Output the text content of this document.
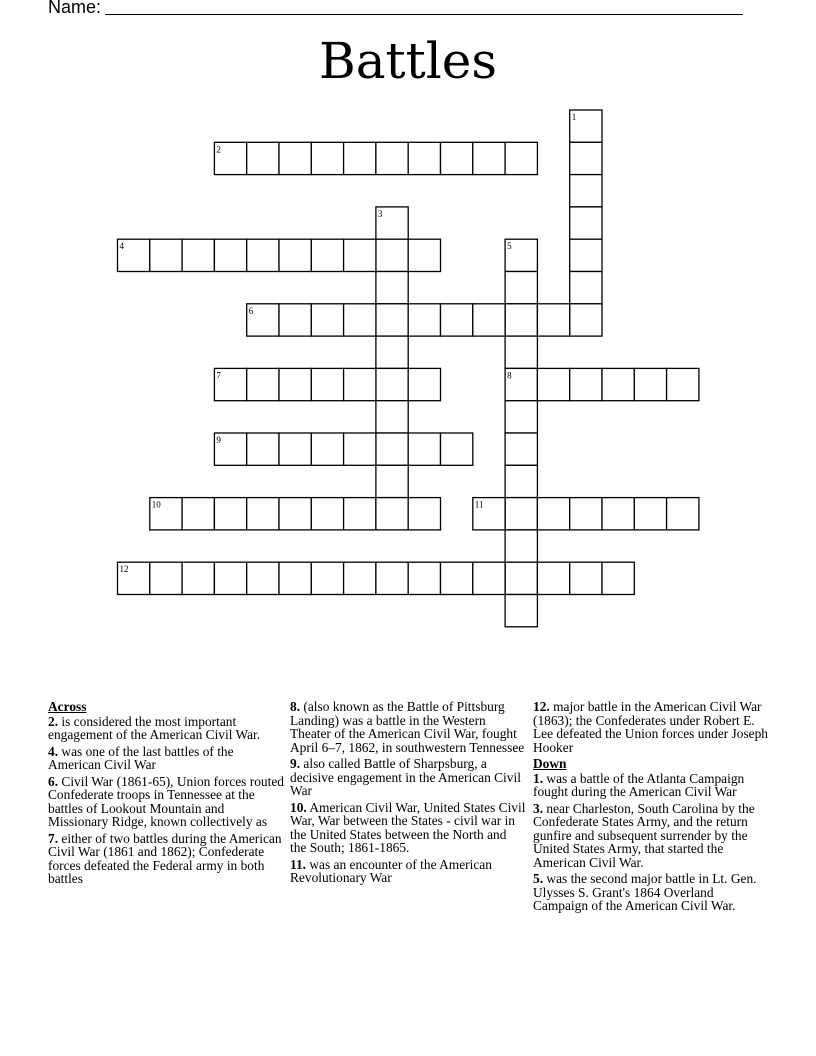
Name:
Battles
1
2
3
4	5
6
7	8
9
10	11
12
Across
2. is considered the most important engagement of the American Civil War.
4. was one of the last battles of the American Civil War
6. Civil War (1861-65), Union forces routed Confederate troops in Tennessee at the battles of Lookout Mountain and Missionary Ridge, known collectively as
7. either of two battles during the American Civil War (1861 and 1862); Confederate forces defeated the Federal army in both battles
8. (also known as the Battle of Pittsburg Landing) was a battle in the Western Theater of the American Civil War, fought April 6–7, 1862, in southwestern Tennessee
9. also called Battle of Sharpsburg, a decisive engagement in the American Civil War
10. American Civil War, United States Civil War, War between the States - civil war in the United States between the North and the South; 1861-1865.
11. was an encounter of the American Revolutionary War
12. major battle in the American Civil War (1863); the Confederates under Robert E. Lee defeated the Union forces under Joseph Hooker
Down
1. was a battle of the Atlanta Campaign fought during the American Civil War
3. near Charleston, South Carolina by the Confederate States Army, and the return gunfire and subsequent surrender by the United States Army, that started the American Civil War.
5. was the second major battle in Lt. Gen. Ulysses S. Grant's 1864 Overland Campaign of the American Civil War.
